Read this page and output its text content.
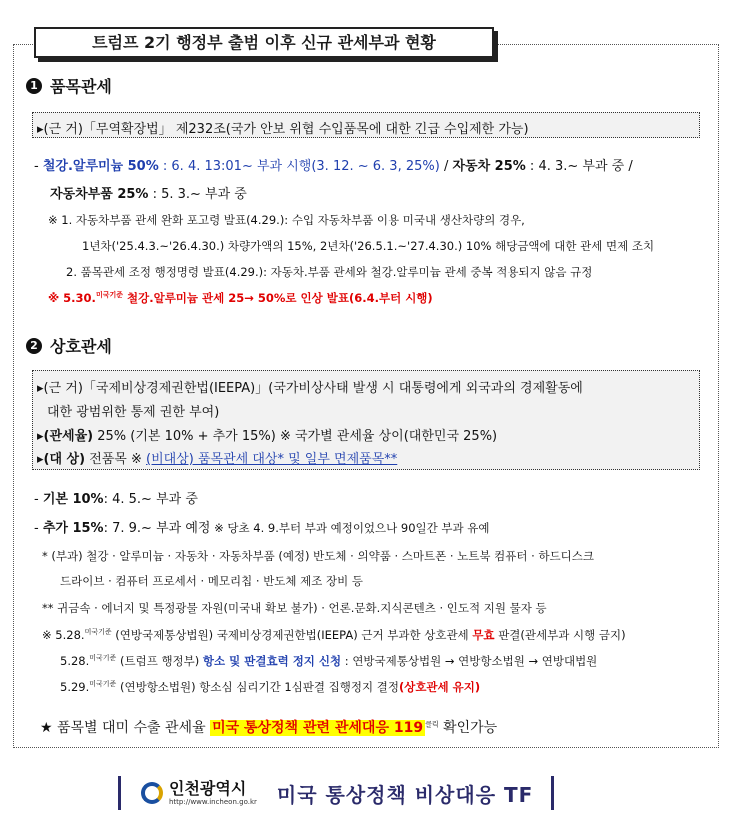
트럼프 2기 행정부 출범 이후 신규 관세부과 현황
1 품목관세
▸(근 거)「무역확장법」 제232조(국가 안보 위협 수입품목에 대한 긴급 수입제한 가능)
- 철강.알루미늄 50% : 6. 4. 13:01~ 부과 시행(3. 12. ~ 6. 3, 25%) / 자동차 25% : 4. 3.~ 부과 중 /
자동차부품 25% : 5. 3.~ 부과 중
※ 1. 자동차부품 관세 완화 포고령 발표(4.29.): 수입 자동차부품 이용 미국내 생산차량의 경우,
1년차('25.4.3.~'26.4.30.) 차량가액의 15%, 2년차('26.5.1.~'27.4.30.) 10% 해당금액에 대한 관세 면제 조치
2. 품목관세 조정 행정명령 발표(4.29.): 자동차.부품 관세와 철강.알루미늄 관세 중복 적용되지 않음 규정
※ 5.30.$^{미국기준}$ 철강.알루미늄 관세 25→ 50%로 인상 발표(6.4.부터 시행)
2 상호관세
▸(근 거)「국제비상경제권한법(IEEPA)」(국가비상사태 발생 시 대통령에게 외국과의 경제활동에
대한 광범위한 통제 권한 부여)
▸(관세율) 25% (기본 10% + 추가 15%) ※ 국가별 관세율 상이(대한민국 25%)
▸(대 상) 전품목 ※ (비대상) 품목관세 대상* 및 일부 면제품목**
- 기본 10%: 4. 5.~ 부과 중
- 추가 15%: 7. 9.~ 부과 예정 ※ 당초 4. 9.부터 부과 예정이었으나 90일간 부과 유예
* (부과) 철강 · 알루미늄 · 자동차 · 자동차부품 (예정) 반도체 · 의약품 · 스마트폰 · 노트북 컴퓨터 · 하드디스크
드라이브 · 컴퓨터 프로세서 · 메모리칩 · 반도체 제조 장비 등
** 귀금속 · 에너지 및 특정광물 자원(미국내 확보 불가) · 언론.문화.지식콘텐츠 · 인도적 지원 물자 등
※ 5.28.$^{미국기준}$ (연방국제통상법원) 국제비상경제권한법(IEEPA) 근거 부과한 상호관세 무효 판결(관세부과 시행 금지)
5.28.$^{미국기준}$ (트럼프 행정부) 항소 및 판결효력 정지 신청 : 연방국제통상법원 → 연방항소법원 → 연방대법원
5.29.$^{미국기준}$ (연방항소법원) 항소심 심리기간 1심판결 집행정지 결정(상호관세 유지)
★ 품목별 대미 수출 관세율 미국 통상정책 관련 관세대응 119 $^{클릭}$ 확인가능
인천광역시
http://www.incheon.go.kr 미국 통상정책 비상대응 TF
